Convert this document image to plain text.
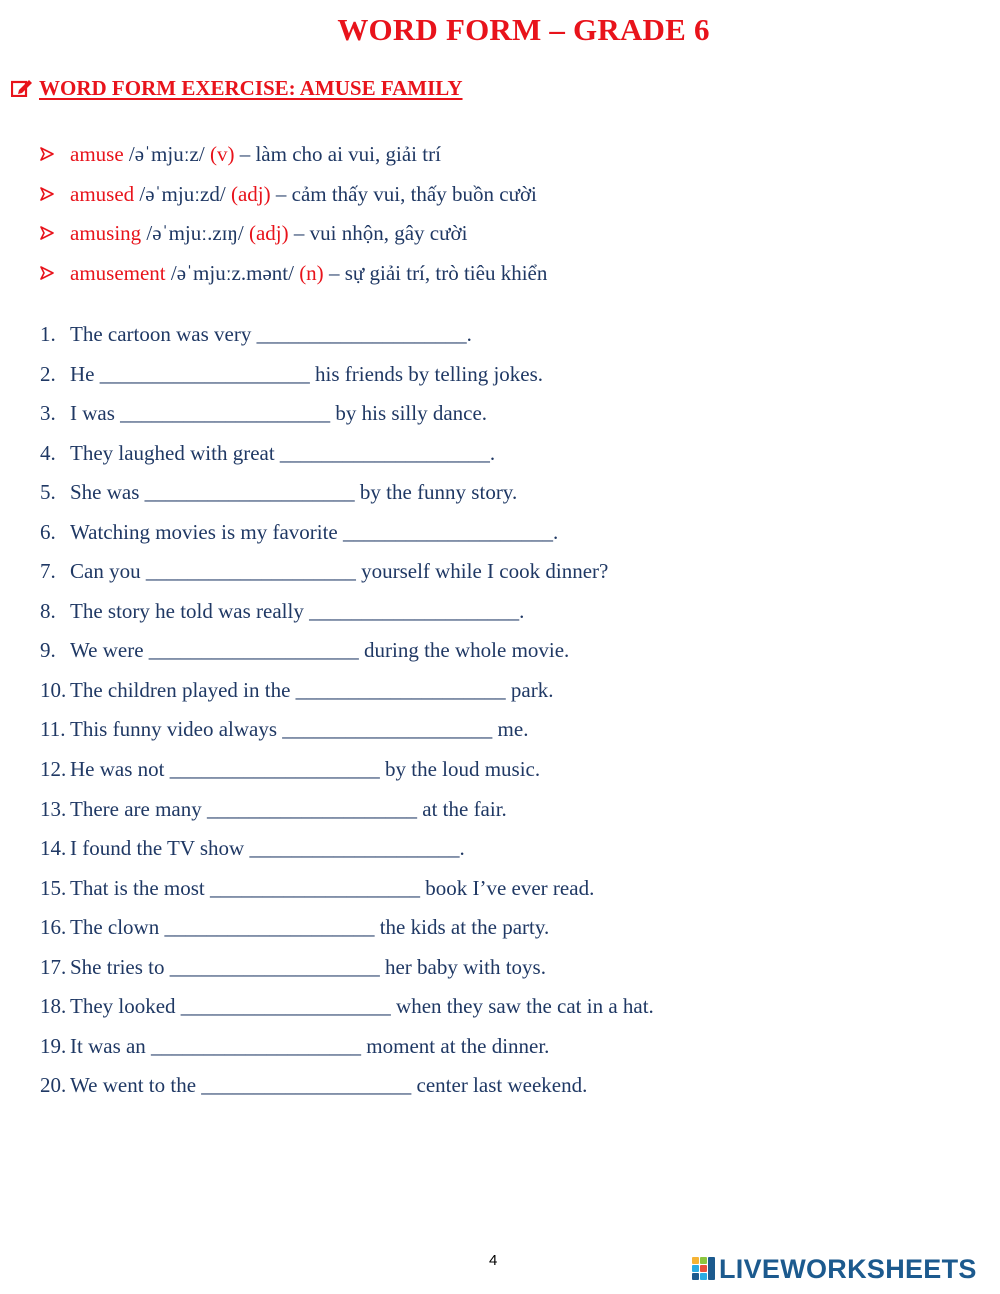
WORD FORM – GRADE 6
WORD FORM EXERCISE: AMUSE FAMILY
amuse /əˈmjuːz/ (v) – làm cho ai vui, giải trí
amused /əˈmjuːzd/ (adj) – cảm thấy vui, thấy buồn cười
amusing /əˈmjuː.zɪŋ/ (adj) – vui nhộn, gây cười
amusement /əˈmjuːz.mənt/ (n) – sự giải trí, trò tiêu khiển
1. The cartoon was very ____________________.
2. He ____________________ his friends by telling jokes.
3. I was ____________________ by his silly dance.
4. They laughed with great ____________________.
5. She was ____________________ by the funny story.
6. Watching movies is my favorite ____________________.
7. Can you ____________________ yourself while I cook dinner?
8. The story he told was really ____________________.
9. We were ____________________ during the whole movie.
10. The children played in the ____________________ park.
11. This funny video always ____________________ me.
12. He was not ____________________ by the loud music.
13. There are many ____________________ at the fair.
14. I found the TV show ____________________.
15. That is the most ____________________ book I’ve ever read.
16. The clown ____________________ the kids at the party.
17. She tries to ____________________ her baby with toys.
18. They looked ____________________ when they saw the cat in a hat.
19. It was an ____________________ moment at the dinner.
20. We went to the ____________________ center last weekend.
4	LIVEWORKSHEETS
